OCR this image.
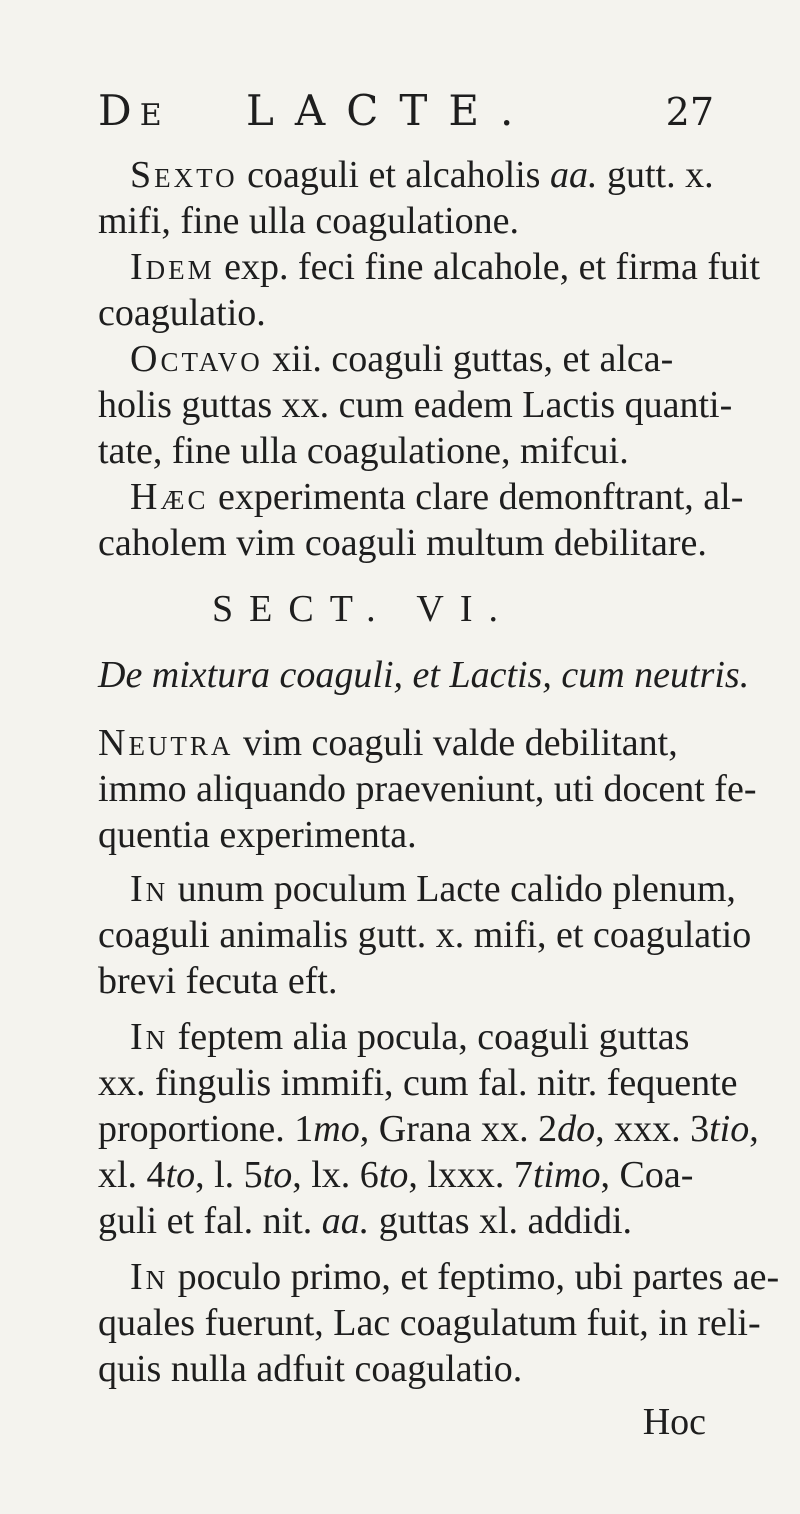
DE LACTE.	27
Sexto coaguli et alcaholis aa. gutt. x.
mifi, fine ulla coagulatione.
Idem exp. feci fine alcahole, et firma fuit
coagulatio.
Octavo xii. coaguli guttas, et alca-
holis guttas xx. cum eadem Lactis quanti-
tate, fine ulla coagulatione, mifcui.
Hæc experimenta clare demonftrant, al-
caholem vim coaguli multum debilitare.
SECT. VI.
De mixtura coaguli, et Lactis, cum neutris.
Neutra vim coaguli valde debilitant,
immo aliquando praeveniunt, uti docent fe-
quentia experimenta.
In unum poculum Lacte calido plenum,
coaguli animalis gutt. x. mifi, et coagulatio
brevi fecuta eft.
In feptem alia pocula, coaguli guttas
xx. fingulis immifi, cum fal. nitr. fequente
proportione. 1mo, Grana xx. 2do, xxx. 3tio,
xl. 4to, l. 5to, lx. 6to, lxxx. 7timo, Coa-
guli et fal. nit. aa. guttas xl. addidi.
In poculo primo, et feptimo, ubi partes ae-
quales fuerunt, Lac coagulatum fuit, in reli-
quis nulla adfuit coagulatio.
Hoc
